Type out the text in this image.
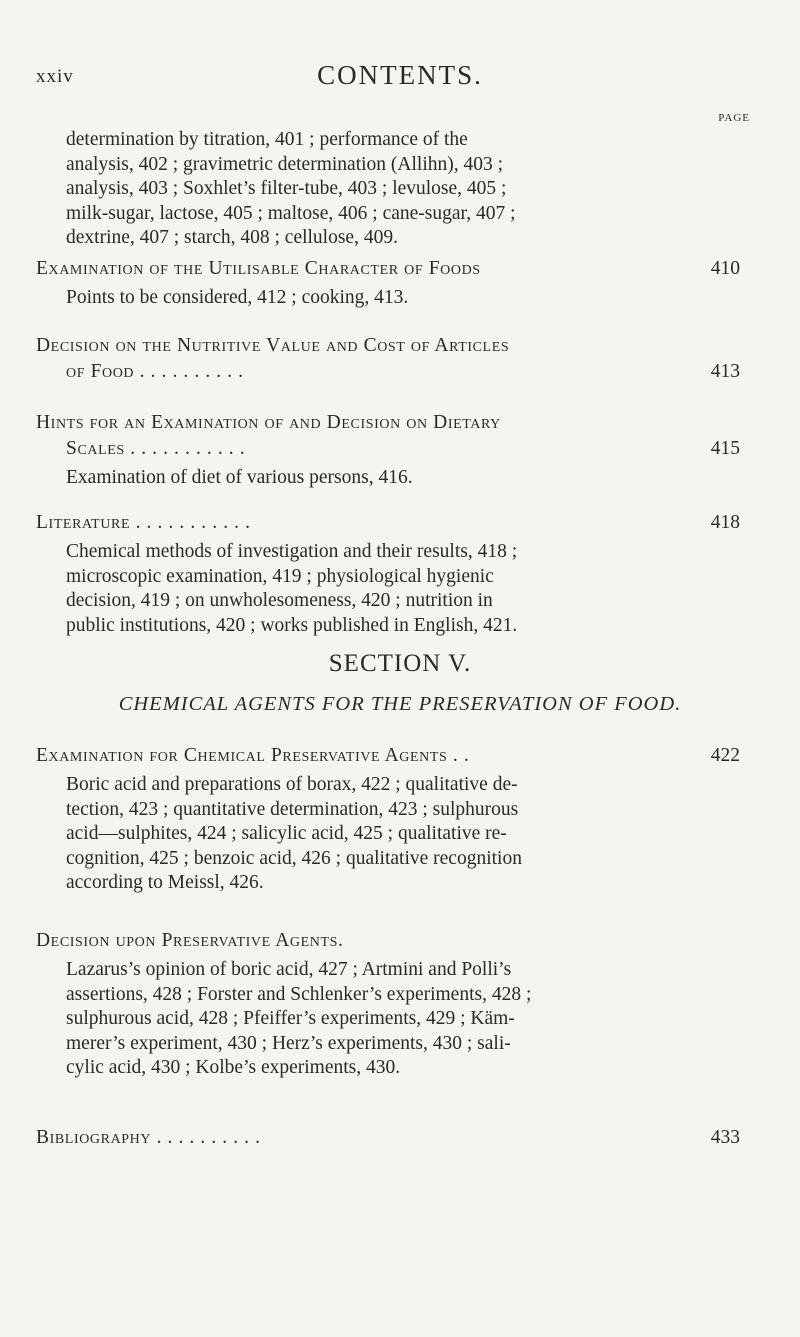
xxiv	CONTENTS.
PAGE
determination by titration, 401 ; performance of the
analysis, 402 ; gravimetric determination (Allihn), 403 ;
analysis, 403 ; Soxhlet’s filter-tube, 403 ; levulose, 405 ;
milk-sugar, lactose, 405 ; maltose, 406 ; cane-sugar, 407 ;
dextrine, 407 ; starch, 408 ; cellulose, 409.
Examination of the Utilisable Character of Foods	410
Points to be considered, 412 ; cooking, 413.
Decision on the Nutritive Value and Cost of Articles
of Food . . . . . . . . . .	413
Hints for an Examination of and Decision on Dietary
Scales . . . . . . . . . . .	415
Examination of diet of various persons, 416.
Literature . . . . . . . . . . .	418
Chemical methods of investigation and their results, 418 ;
microscopic examination, 419 ; physiological hygienic
decision, 419 ; on unwholesomeness, 420 ; nutrition in
public institutions, 420 ; works published in English, 421.
SECTION V.
CHEMICAL AGENTS FOR THE PRESERVATION OF FOOD.
Examination for Chemical Preservative Agents . .	422
Boric acid and preparations of borax, 422 ; qualitative de-
tection, 423 ; quantitative determination, 423 ; sulphurous
acid—sulphites, 424 ; salicylic acid, 425 ; qualitative re-
cognition, 425 ; benzoic acid, 426 ; qualitative recognition
according to Meissl, 426.
Decision upon Preservative Agents.
Lazarus’s opinion of boric acid, 427 ; Artmini and Polli’s
assertions, 428 ; Forster and Schlenker’s experiments, 428 ;
sulphurous acid, 428 ; Pfeiffer’s experiments, 429 ; Käm-
merer’s experiment, 430 ; Herz’s experiments, 430 ; sali-
cylic acid, 430 ; Kolbe’s experiments, 430.
Bibliography . . . . . . . . . .	433
